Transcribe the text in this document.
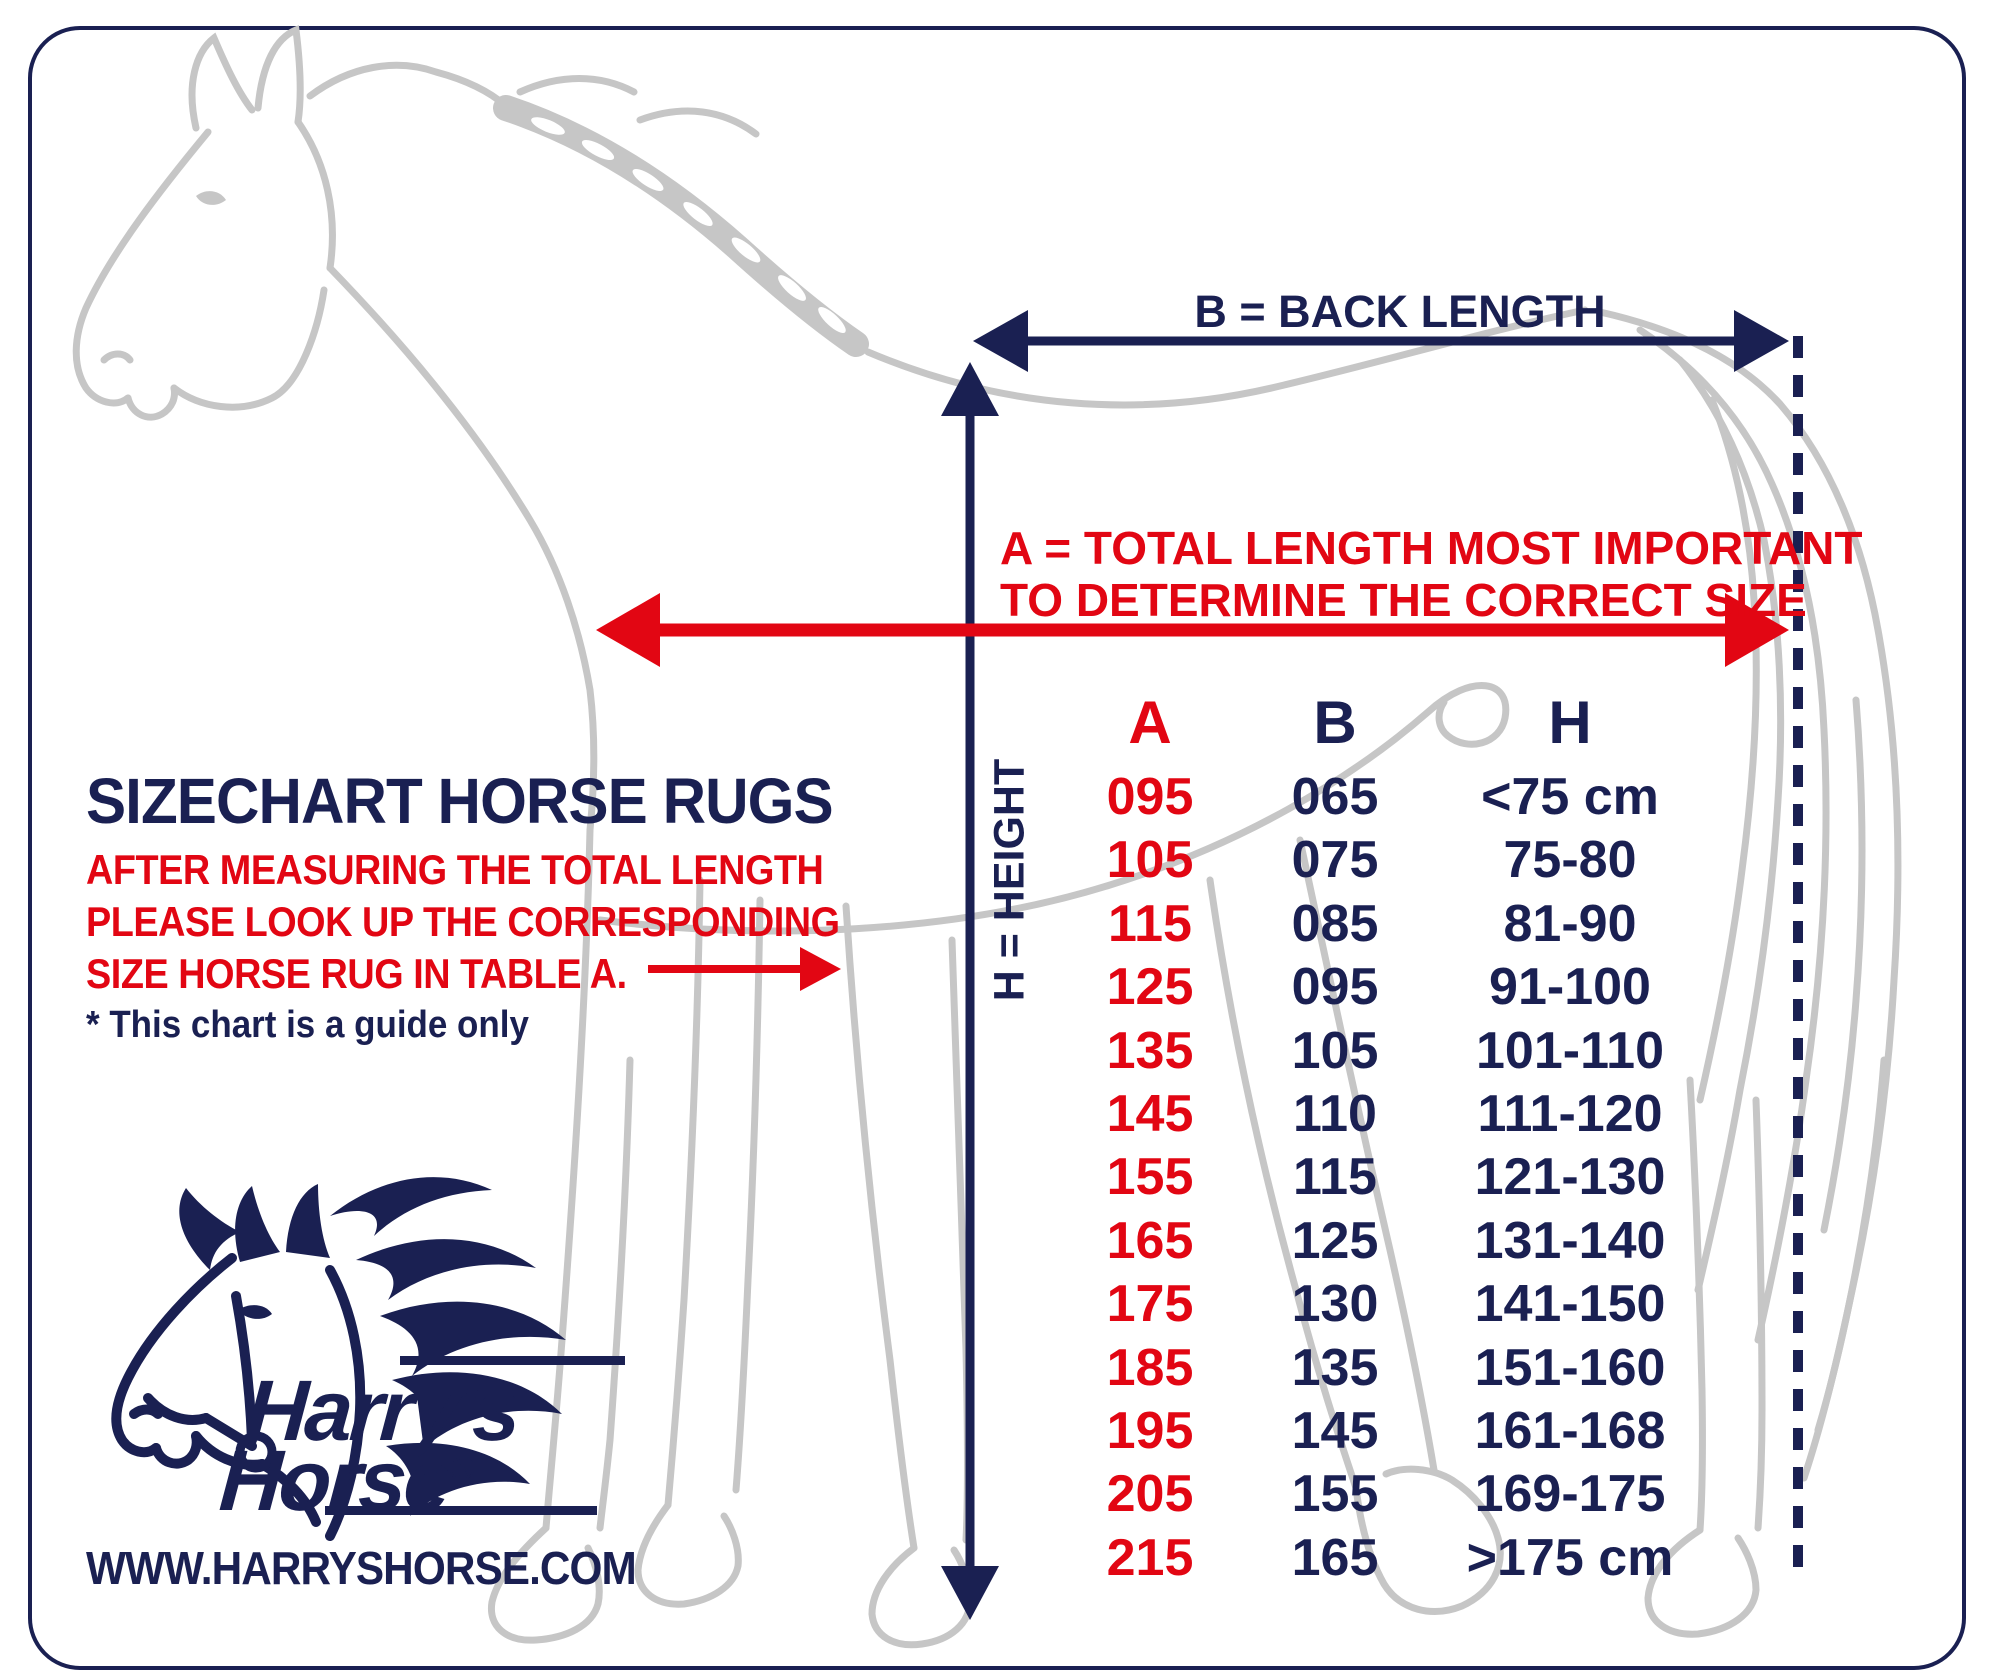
B = BACK LENGTH
A = TOTAL LENGTH MOST IMPORTANT
TO DETERMINE THE CORRECT SIZE
H = HEIGHT
SIZECHART HORSE RUGS
AFTER MEASURING THE TOTAL LENGTH
PLEASE LOOK UP THE CORRESPONDING
SIZE HORSE RUG IN TABLE A.
* This chart is a guide only
Harry's
Horse®
WWW.HARRYSHORSE.COM
A	B	H
095	065	<75 cm
105	075	75-80
115	085	81-90
125	095	91-100
135	105	101-110
145	110	111-120
155	115	121-130
165	125	131-140
175	130	141-150
185	135	151-160
195	145	161-168
205	155	169-175
215	165	>175 cm
